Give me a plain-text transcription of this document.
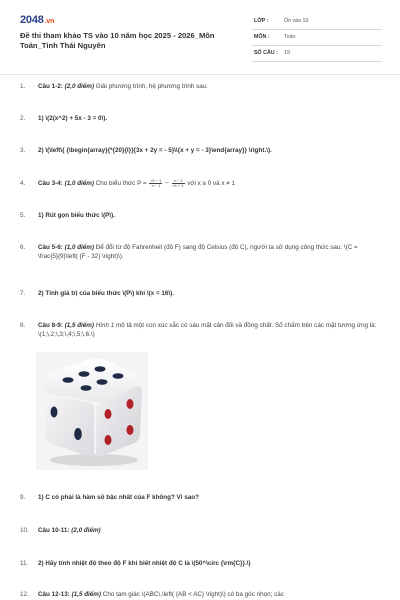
2048.vn
Đề thi tham khảo TS vào 10 năm học 2025 - 2026_Môn Toán_Tỉnh Thái Nguyên
LỚP :	Ôn vào 10
MÔN :	Toán
SỐ CÂU : 19
1.	Câu 1-2: (2,0 điểm) Giải phương trình, hệ phương trình sau:
2.	1) \(2(x^2) + 5x - 3 = 0\).
3.	2) \(\left\{ {\begin{array}{*{20}{l}}{3x + 2y = - 5}\\{x + y = - 3}\end{array}} \right.\).
4.	Câu 3-4: (1,0 điểm) Cho biểu thức $P = \frac{√x - 1}{x - 1} - \frac{x - 1}{√x + 1}$ với x ≥ 0 và x ≠ 1
5.	1) Rút gọn biểu thức \(P\).
6.	Câu 5-6: (1,0 điểm) Để đổi từ độ Fahrenheit (độ F) sang độ Celsius (độ C), người ta sử dụng công thức sau: \(C = \frac{5}{9}\left( {F - 32} \right)\).
7.	2) Tính giá trị của biểu thức \(P\) khi \(x = 16\).
8.	Câu 8-9: (1,5 điểm) Hình 1 mô tả một con xúc xắc có sáu mặt cân đối và đồng chất. Số chấm trên các mặt tương ứng là: \(1;\,2;\,3;\,4;\,5;\,6.\)
9.	1) C có phải là hàm số bậc nhất của F không? Vì sao?
10.	Câu 10-11: (2,0 điểm)
11.	2) Hãy tính nhiệt độ theo độ F khi biết nhiệt độ C là \(50^\circ {\rm{C}}.\)
12.	Câu 12-13: (1,5 điểm) Cho tam giác \(ABC\,\left( {AB < AC} \right)\) có ba góc nhọn; các
